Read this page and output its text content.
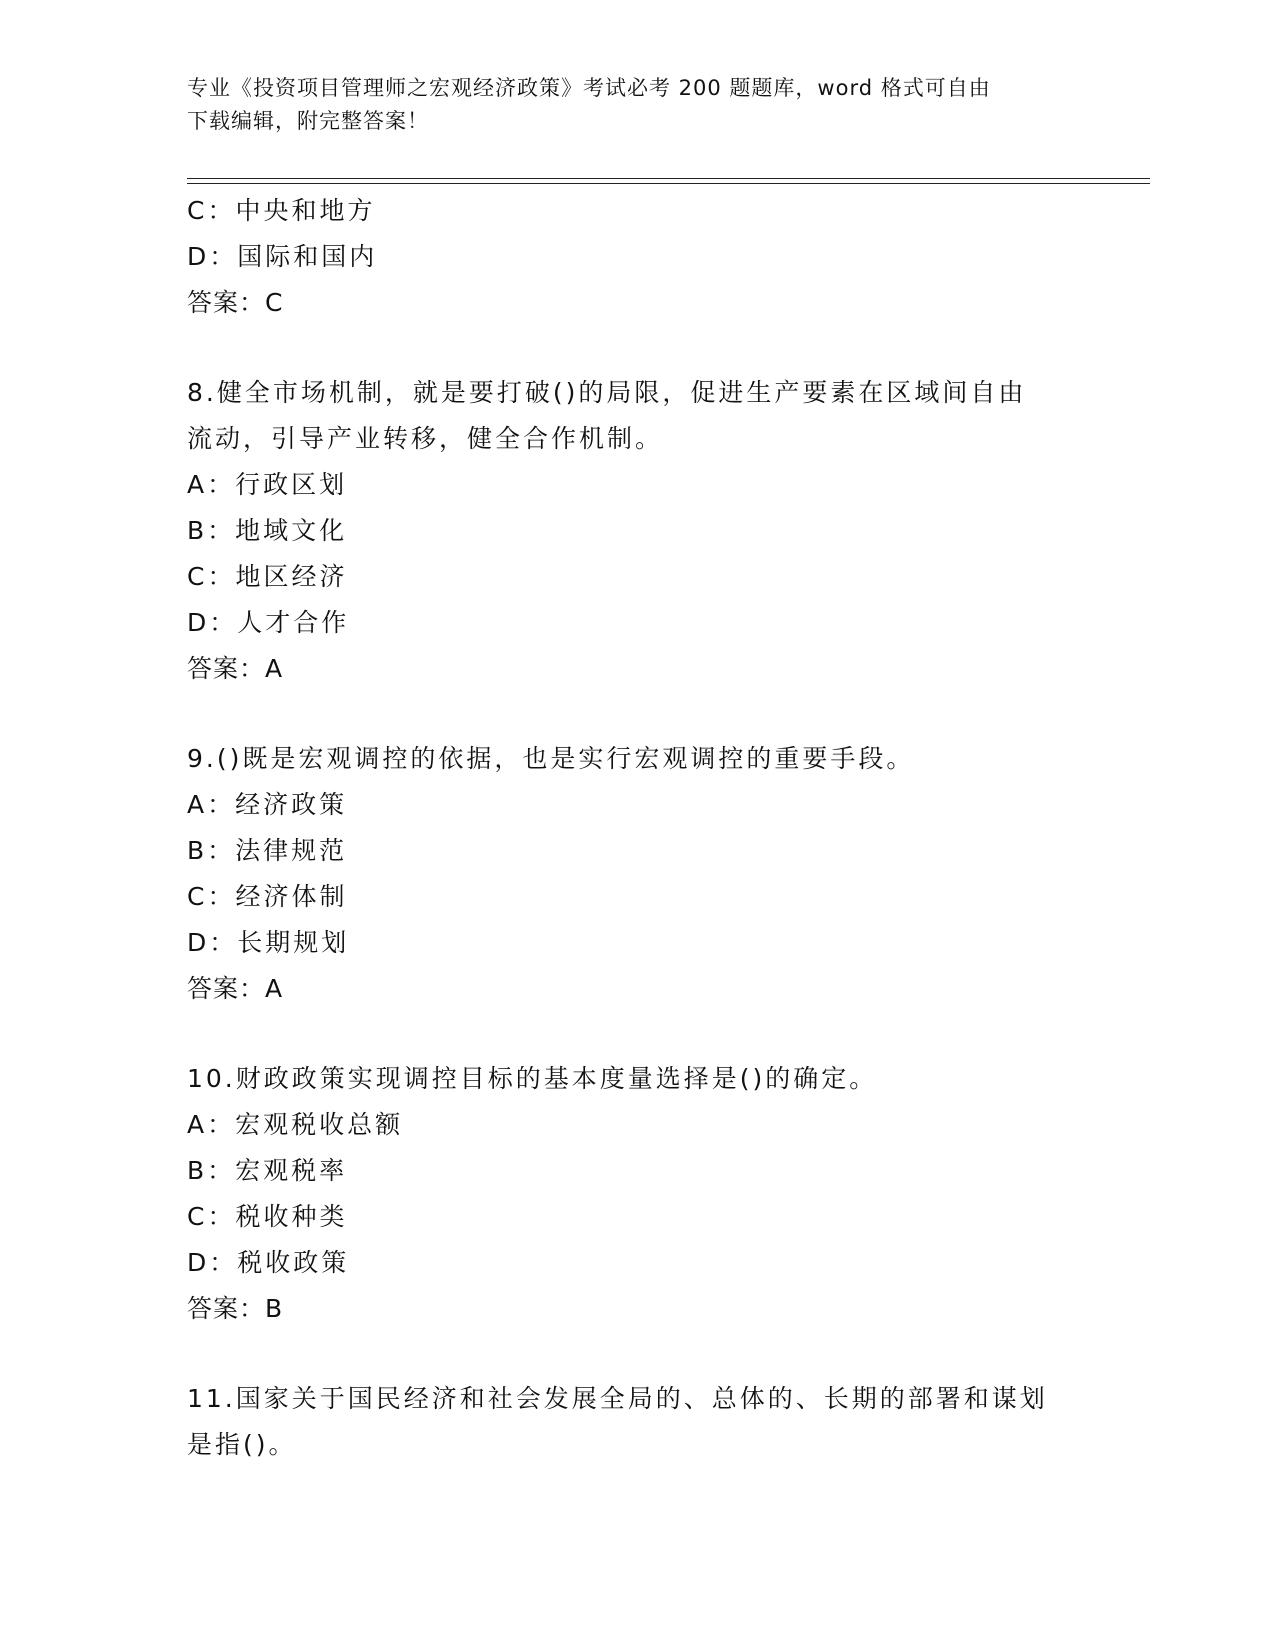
专业《投资项目管理师之宏观经济政策》考试必考 200 题题库，word 格式可自由
下载编辑，附完整答案！
C：中央和地方
D：国际和国内
答案：C
8.健全市场机制，就是要打破()的局限，促进生产要素在区域间自由
流动，引导产业转移，健全合作机制。
A：行政区划
B：地域文化
C：地区经济
D：人才合作
答案：A
9.()既是宏观调控的依据，也是实行宏观调控的重要手段。
A：经济政策
B：法律规范
C：经济体制
D：长期规划
答案：A
10.财政政策实现调控目标的基本度量选择是()的确定。
A：宏观税收总额
B：宏观税率
C：税收种类
D：税收政策
答案：B
11.国家关于国民经济和社会发展全局的、总体的、长期的部署和谋划
是指()。
